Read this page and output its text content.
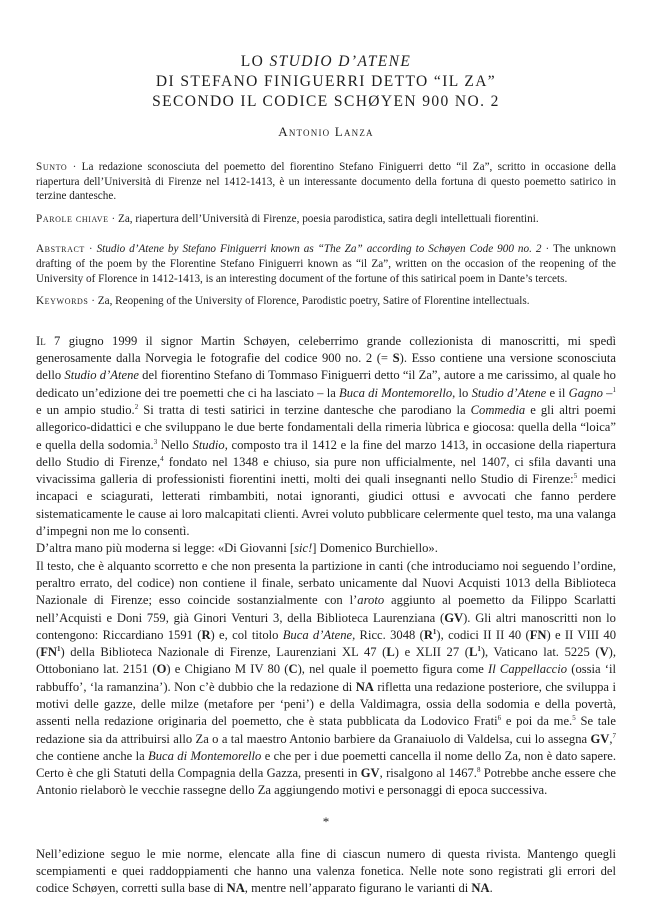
LO STUDIO D’ATENE
DI STEFANO FINIGUERRI DETTO “IL ZA”
SECONDO IL CODICE SCHØYEN 900 NO. 2
Antonio Lanza
Sunto · La redazione sconosciuta del poemetto del fiorentino Stefano Finiguerri detto “il Za”, scritto in occasione della riapertura dell’Università di Firenze nel 1412-1413, è un interessante documento della fortuna di questo poemetto satirico in terzine dantesche.
Parole chiave · Za, riapertura dell’Università di Firenze, poesia parodistica, satira degli intellettuali fiorentini.
Abstract · Studio d’Atene by Stefano Finiguerri known as “The Za” according to Schøyen Code 900 no. 2 · The unknown drafting of the poem by the Florentine Stefano Finiguerri known as “il Za”, written on the occasion of the reopening of the University of Florence in 1412-1413, is an interesting document of the fortune of this satirical poem in Dante’s tercets.
Keywords · Za, Reopening of the University of Florence, Parodistic poetry, Satire of Florentine intellectuals.

Il 7 giugno 1999 il signor Martin Schøyen, celeberrimo grande collezionista di manoscritti, mi spedì generosamente dalla Norvegia le fotografie del codice 900 no. 2 (= S). Esso contiene una versione sconosciuta dello Studio d’Atene del fiorentino Stefano di Tommaso Finiguerri detto “il Za”, autore a me carissimo, al quale ho dedicato un’edizione dei tre poemetti che ci ha lasciato – la Buca di Montemorello, lo Studio d’Atene e il Gagno –$^1$ e un ampio studio.$^2$ Si tratta di testi satirici in terzine dantesche che parodiano la Commedia e gli altri poemi allegorico-didattici e che sviluppano le due berte fondamentali della rimeria lùbrica e giocosa: quella della “loica” e quella della sodomia.$^3$ Nello Studio, composto tra il 1412 e la fine del marzo 1413, in occasione della riapertura dello Studio di Firenze,$^4$ fondato nel 1348 e chiuso, sia pure non ufficialmente, nel 1407, ci sfila davanti una vivacissima galleria di professionisti fiorentini inetti, molti dei quali insegnanti nello Studio di Firenze:$^5$ medici incapaci e sciagurati, letterati rimbambiti, notai ignoranti, giudici ottusi e avvocati che fanno perdere sistematicamente le cause ai loro malcapitati clienti. Avrei voluto pubblicare celermente quel testo, ma una valanga d’impegni non me lo consentì.

D’altra mano più moderna si legge: «Di Giovanni [sic!] Domenico Burchiello».

Il testo, che è alquanto scorretto e che non presenta la partizione in canti (che introduciamo noi seguendo l’ordine, peraltro errato, del codice) non contiene il finale, serbato unicamente dal Nuovi Acquisti 1013 della Biblioteca Nazionale di Firenze; esso coincide sostanzialmente con l’aroto aggiunto al poemetto da Filippo Scarlatti nell’Acquisti e Doni 759, già Ginori Venturi 3, della Biblioteca Laurenziana (GV). Gli altri manoscritti non lo contengono: Riccardiano 1591 (R) e, col titolo Buca d’Atene, Ricc. 3048 $(R^1)$, codici II II 40 (FN) e II VIII 40 $(FN^1)$ della Biblioteca Nazionale di Firenze, Laurenziani XL 47 (L) e XLII 27 $(L^1)$, Vaticano lat. 5225 (V), Ottoboniano lat. 2151 (O) e Chigiano M IV 80 (C), nel quale il poemetto figura come Il Cappellaccio (ossia ‘il rabbuffo’, ‘la ramanzina’). Non c’è dubbio che la redazione di NA rifletta una redazione posteriore, che sviluppa i motivi delle gazze, delle milze (metafore per ‘peni’) e della Valdimagra, ossia della sodomia e della povertà, assenti nella redazione originaria del poemetto, che è stata pubblicata da Lodovico Frati$^6$ e poi da me.$^5$ Se tale redazione sia da attribuirsi allo Za o a tal maestro Antonio barbiere da Granaiuolo di Valdelsa, cui lo assegna GV,$^7$ che contiene anche la Buca di Montemorello e che per i due poemetti cancella il nome dello Za, non è dato sapere. Certo è che gli Statuti della Compagnia della Gazza, presenti in GV, risalgono al 1467.$^8$ Potrebbe anche essere che Antonio rielaborò le vecchie rassegne dello Za aggiungendo motivi e personaggi di epoca successiva.

*

Nell’edizione seguo le mie norme, elencate alla fine di ciascun numero di questa rivista. Mantengo quegli scempiamenti e quei raddoppiamenti che hanno una valenza fonetica. Nelle note sono registrati gli errori del codice Schøyen, corretti sulla base di NA, mentre nell’apparato figurano le varianti di NA.
